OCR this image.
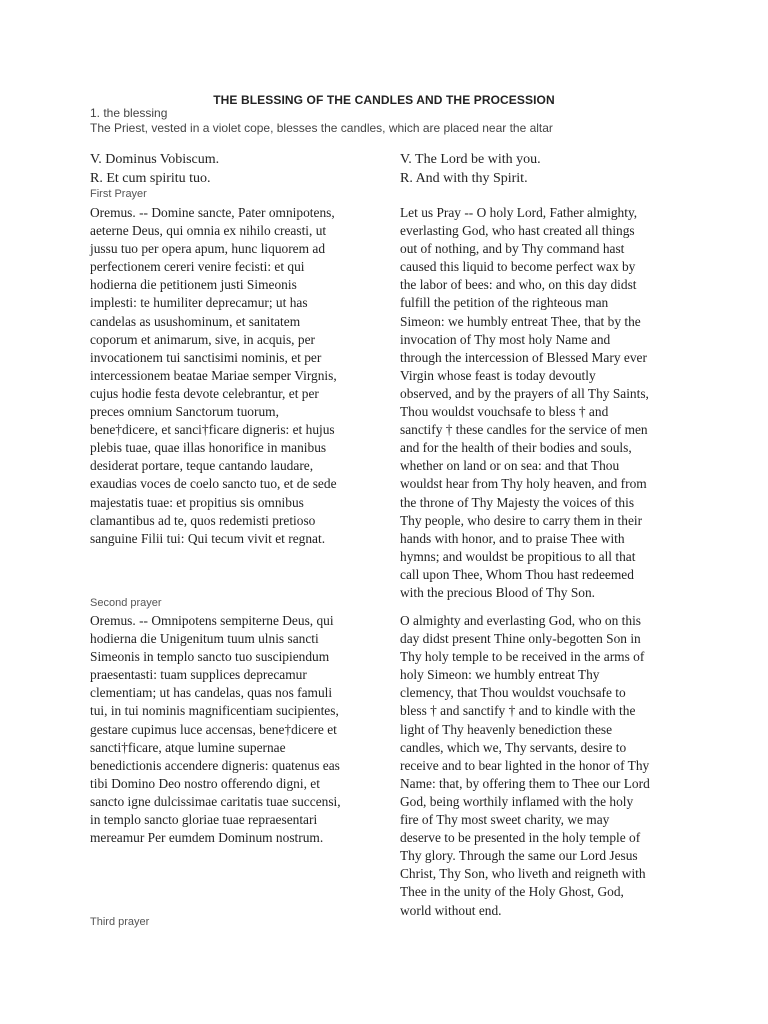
THE BLESSING OF THE CANDLES AND THE PROCESSION
1. the blessing
The Priest, vested in a violet cope, blesses the candles, which are placed near the altar
V. Dominus Vobiscum.
R. Et cum spiritu tuo.
V. The Lord be with you.
R. And with thy Spirit.
First Prayer
Oremus. -- Domine sancte, Pater omnipotens,
aeterne Deus, qui omnia ex nihilo creasti, ut
jussu tuo per opera apum, hunc liquorem ad
perfectionem cereri venire fecisti: et qui
hodierna die petitionem justi Simeonis
implesti: te humiliter deprecamur; ut has
candelas as usushominum, et sanitatem
coporum et animarum, sive, in acquis, per
invocationem tui sanctisimi nominis, et per
intercessionem beatae Mariae semper Virgnis,
cujus hodie festa devote celebrantur, et per
preces omnium Sanctorum tuorum,
bene†dicere, et sanci†ficare digneris: et hujus
plebis tuae, quae illas honorifice in manibus
desiderat portare, teque cantando laudare,
exaudias voces de coelo sancto tuo, et de sede
majestatis tuae: et propitius sis omnibus
clamantibus ad te, quos redemisti pretioso
sanguine Filii tui: Qui tecum vivit et regnat.
Let us Pray -- O holy Lord, Father almighty,
everlasting God, who hast created all things
out of nothing, and by Thy command hast
caused this liquid to become perfect wax by
the labor of bees: and who, on this day didst
fulfill the petition of the righteous man
Simeon: we humbly entreat Thee, that by the
invocation of Thy most holy Name and
through the intercession of Blessed Mary ever
Virgin whose feast is today devoutly
observed, and by the prayers of all Thy Saints,
Thou wouldst vouchsafe to bless † and
sanctify † these candles for the service of men
and for the health of their bodies and souls,
whether on land or on sea: and that Thou
wouldst hear from Thy holy heaven, and from
the throne of Thy Majesty the voices of this
Thy people, who desire to carry them in their
hands with honor, and to praise Thee with
hymns; and wouldst be propitious to all that
call upon Thee, Whom Thou hast redeemed
with the precious Blood of Thy Son.
Second prayer
Oremus. -- Omnipotens sempiterne Deus, qui
hodierna die Unigenitum tuum ulnis sancti
Simeonis in templo sancto tuo suscipiendum
praesentasti: tuam supplices deprecamur
clementiam; ut has candelas, quas nos famuli
tui, in tui nominis magnificentiam sucipientes,
gestare cupimus luce accensas, bene†dicere et
sancti†ficare, atque lumine supernae
benedictionis accendere digneris: quatenus eas
tibi Domino Deo nostro offerendo digni, et
sancto igne dulcissimae caritatis tuae succensi,
in templo sancto gloriae tuae repraesentari
mereamur Per eumdem Dominum nostrum.
O almighty and everlasting God, who on this
day didst present Thine only-begotten Son in
Thy holy temple to be received in the arms of
holy Simeon: we humbly entreat Thy
clemency, that Thou wouldst vouchsafe to
bless † and sanctify † and to kindle with the
light of Thy heavenly benediction these
candles, which we, Thy servants, desire to
receive and to bear lighted in the honor of Thy
Name: that, by offering them to Thee our Lord
God, being worthily inflamed with the holy
fire of Thy most sweet charity, we may
deserve to be presented in the holy temple of
Thy glory. Through the same our Lord Jesus
Christ, Thy Son, who liveth and reigneth with
Thee in the unity of the Holy Ghost, God,
world without end.
Third prayer
